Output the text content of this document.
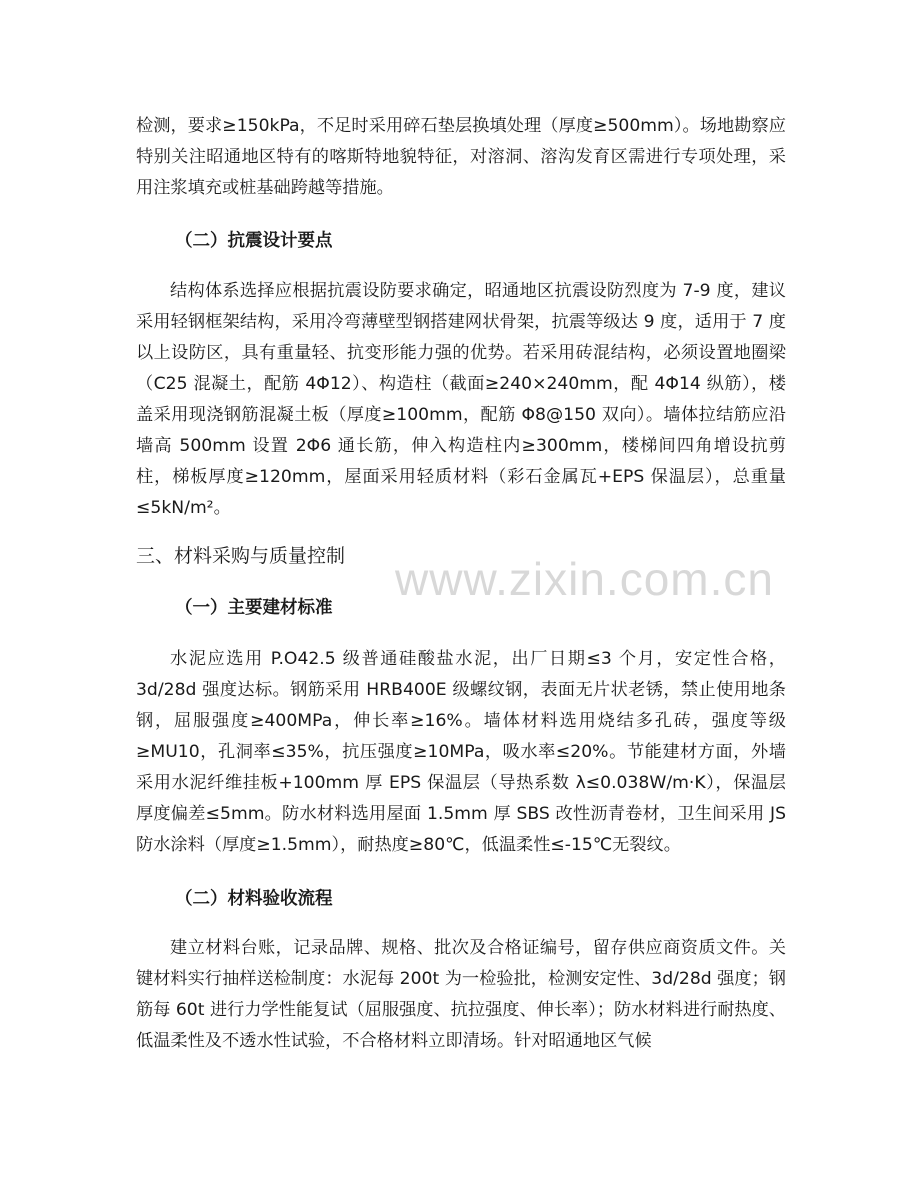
检测，要求≥150kPa，不足时采用碎石垫层换填处理（厚度≥500mm）。场地勘察应特别关注昭通地区特有的喀斯特地貌特征，对溶洞、溶沟发育区需进行专项处理，采用注浆填充或桩基础跨越等措施。

（二）抗震设计要点

结构体系选择应根据抗震设防要求确定，昭通地区抗震设防烈度为 7-9 度，建议采用轻钢框架结构，采用冷弯薄壁型钢搭建网状骨架，抗震等级达 9 度，适用于 7 度以上设防区，具有重量轻、抗变形能力强的优势。若采用砖混结构，必须设置地圈梁（C25 混凝土，配筋 4Φ12）、构造柱（截面≥240×240mm，配 4Φ14 纵筋），楼盖采用现浇钢筋混凝土板（厚度≥100mm，配筋 Φ8@150 双向）。墙体拉结筋应沿墙高 500mm 设置 2Φ6 通长筋，伸入构造柱内≥300mm，楼梯间四角增设抗剪柱，梯板厚度≥120mm，屋面采用轻质材料（彩石金属瓦+EPS 保温层），总重量≤5kN/m²。

三、材料采购与质量控制

（一）主要建材标准

水泥应选用 P.O42.5 级普通硅酸盐水泥，出厂日期≤3 个月，安定性合格，3d/28d 强度达标。钢筋采用 HRB400E 级螺纹钢，表面无片状老锈，禁止使用地条钢，屈服强度≥400MPa，伸长率≥16%。墙体材料选用烧结多孔砖，强度等级≥MU10，孔洞率≤35%，抗压强度≥10MPa，吸水率≤20%。节能建材方面，外墙采用水泥纤维挂板+100mm 厚 EPS 保温层（导热系数 λ≤0.038W/m·K），保温层厚度偏差≤5mm。防水材料选用屋面 1.5mm 厚 SBS 改性沥青卷材，卫生间采用 JS 防水涂料（厚度≥1.5mm），耐热度≥80℃，低温柔性≤-15℃无裂纹。

（二）材料验收流程

建立材料台账，记录品牌、规格、批次及合格证编号，留存供应商资质文件。关键材料实行抽样送检制度：水泥每 200t 为一检验批，检测安定性、3d/28d 强度；钢筋每 60t 进行力学性能复试（屈服强度、抗拉强度、伸长率）；防水材料进行耐热度、低温柔性及不透水性试验，不合格材料立即清场。针对昭通地区气候

www.zixin.com.cn
